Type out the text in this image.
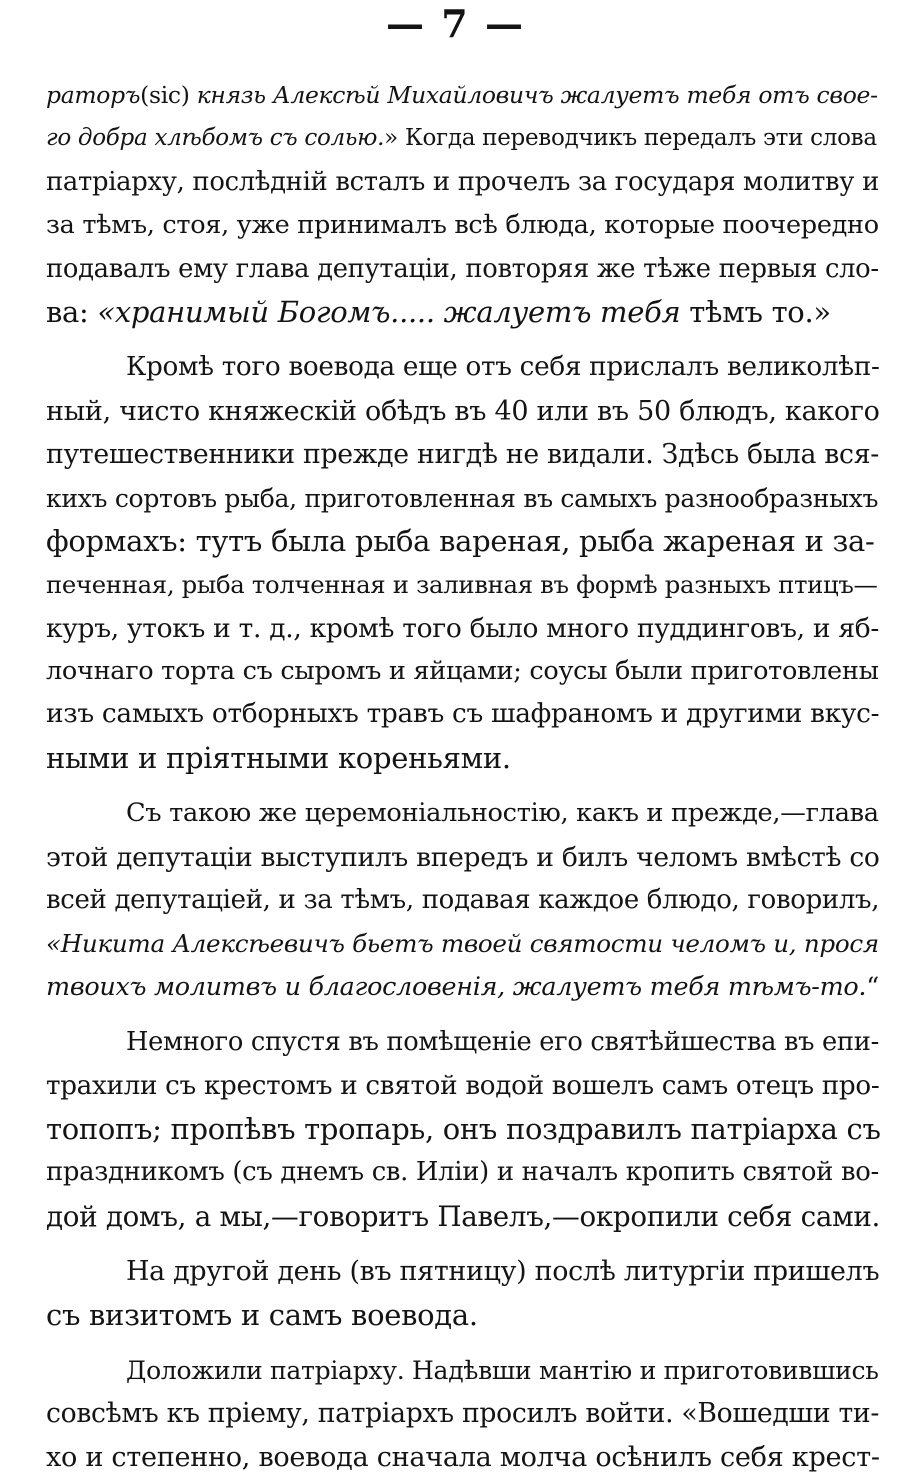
— 7 —
раторъ(sic) князь Алексѣй Михайловичъ жалуетъ тебя отъ свое-
го добра хлѣбомъ съ солью.» Когда переводчикъ передалъ эти слова
патріарху, послѣдній всталъ и прочелъ за государя молитву и
за тѣмъ, стоя, уже принималъ всѣ блюда, которые поочередно
подавалъ ему глава депутаціи, повторяя же тѣже первыя сло-
ва: «хранимый Богомъ..... жалуетъ тебя тѣмъ то.»
Кромѣ того воевода еще отъ себя прислалъ великолѣп-
ный, чисто княжескій обѣдъ въ 40 или въ 50 блюдъ, какого
путешественники прежде нигдѣ не видали. Здѣсь была вся-
кихъ сортовъ рыба, приготовленная въ самыхъ разнообразныхъ
формахъ: тутъ была рыба вареная, рыба жареная и за-
печенная, рыба толченная и заливная въ формѣ разныхъ птицъ—
куръ, утокъ и т. д., кромѣ того было много пуддинговъ, и яб-
лочнаго торта съ сыромъ и яйцами; соусы были приготовлены
изъ самыхъ отборныхъ травъ съ шафраномъ и другими вкус-
ными и пріятными кореньями.
Съ такою же церемоніальностію, какъ и прежде,—глава
этой депутаціи выступилъ впередъ и билъ челомъ вмѣстѣ со
всей депутаціей, и за тѣмъ, подавая каждое блюдо, говорилъ,
«Никита Алексѣевичъ бьетъ твоей святости челомъ и, прося
твоихъ молитвъ и благословенія, жалуетъ тебя тѣмъ-то.“
Немного спустя въ помѣщеніе его святѣйшества въ епи-
трахили съ крестомъ и святой водой вошелъ самъ отецъ про-
топопъ; пропѣвъ тропарь, онъ поздравилъ патріарха съ
праздникомъ (съ днемъ св. Иліи) и началъ кропить святой во-
дой домъ, а мы,—говоритъ Павелъ,—окропили себя сами.
На другой день (въ пятницу) послѣ литургіи пришелъ
съ визитомъ и самъ воевода.
Доложили патріарху. Надѣвши мантію и приготовившись
совсѣмъ къ пріему, патріархъ просилъ войти. «Вошедши ти-
хо и степенно, воевода сначала молча осѣнилъ себя крест-
